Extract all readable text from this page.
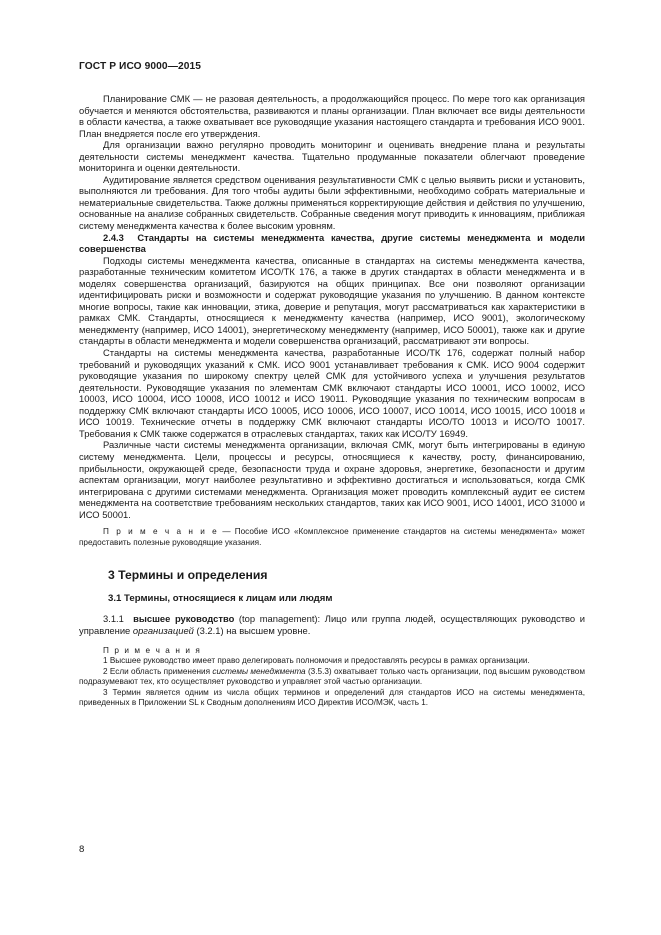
ГОСТ Р ИСО 9000—2015

Планирование СМК — не разовая деятельность, а продолжающийся процесс. По мере того как организация обучается и меняются обстоятельства, развиваются и планы организации. План включает все виды деятельности в области качества, а также охватывает все руководящие указания настоящего стандарта и требования ИСО 9001. План внедряется после его утверждения.

Для организации важно регулярно проводить мониторинг и оценивать внедрение плана и результаты деятельности системы менеджмент качества. Тщательно продуманные показатели облегчают проведение мониторинга и оценки деятельности.

Аудитирование является средством оценивания результативности СМК с целью выявить риски и установить, выполняются ли требования. Для того чтобы аудиты были эффективными, необходимо собрать материальные и нематериальные свидетельства. Также должны применяться корректирующие действия и действия по улучшению, основанные на анализе собранных свидетельств. Собранные сведения могут приводить к инновациям, приближая систему менеджмента качества к более высоким уровням.

2.4.3 Стандарты на системы менеджмента качества, другие системы менеджмента и модели совершенства

Подходы системы менеджмента качества, описанные в стандартах на системы менеджмента качества, разработанные техническим комитетом ИСО/ТК 176, а также в других стандартах в области менеджмента и в моделях совершенства организаций, базируются на общих принципах. Все они позволяют организации идентифицировать риски и возможности и содержат руководящие указания по улучшению. В данном контексте многие вопросы, такие как инновации, этика, доверие и репутация, могут рассматриваться как характеристики в рамках СМК. Стандарты, относящиеся к менеджменту качества (например, ИСО 9001), экологическому менеджменту (например, ИСО 14001), энергетическому менеджменту (например, ИСО 50001), также как и другие стандарты в области менеджмента и модели совершенства организаций, рассматривают эти вопросы.

Стандарты на системы менеджмента качества, разработанные ИСО/ТК 176, содержат полный набор требований и руководящих указаний к СМК. ИСО 9001 устанавливает требования к СМК. ИСО 9004 содержит руководящие указания по широкому спектру целей СМК для устойчивого успеха и улучшения результатов деятельности. Руководящие указания по элементам СМК включают стандарты ИСО 10001, ИСО 10002, ИСО 10003, ИСО 10004, ИСО 10008, ИСО 10012 и ИСО 19011. Руководящие указания по техническим вопросам в поддержку СМК включают стандарты ИСО 10005, ИСО 10006, ИСО 10007, ИСО 10014, ИСО 10015, ИСО 10018 и ИСО 10019. Технические отчеты в поддержку СМК включают стандарты ИСО/ТО 10013 и ИСО/ТО 10017. Требования к СМК также содержатся в отраслевых стандартах, таких как ИСО/ТУ 16949.

Различные части системы менеджмента организации, включая СМК, могут быть интегрированы в единую систему менеджмента. Цели, процессы и ресурсы, относящиеся к качеству, росту, финансированию, прибыльности, окружающей среде, безопасности труда и охране здоровья, энергетике, безопасности и другим аспектам организации, могут наиболее результативно и эффективно достигаться и использоваться, когда СМК интегрирована с другими системами менеджмента. Организация может проводить комплексный аудит ее систем менеджмента на соответствие требованиям нескольких стандартов, таких как ИСО 9001, ИСО 14001, ИСО 31000 и ИСО 50001.

П р и м е ч а н и е — Пособие ИСО «Комплексное применение стандартов на системы менеджмента» может предоставить полезные руководящие указания.

3 Термины и определения
3.1 Термины, относящиеся к лицам или людям

3.1.1 высшее руководство (top management): Лицо или группа людей, осуществляющих руководство и управление организацией (3.2.1) на высшем уровне.

П р и м е ч а н и я

1 Высшее руководство имеет право делегировать полномочия и предоставлять ресурсы в рамках организации.

2 Если область применения системы менеджмента (3.5.3) охватывает только часть организации, под высшим руководством подразумевают тех, кто осуществляет руководство и управляет этой частью организации.

3 Термин является одним из числа общих терминов и определений для стандартов ИСО на системы менеджмента, приведенных в Приложении SL к Сводным дополнениям ИСО Директив ИСО/МЭК, часть 1.

8
